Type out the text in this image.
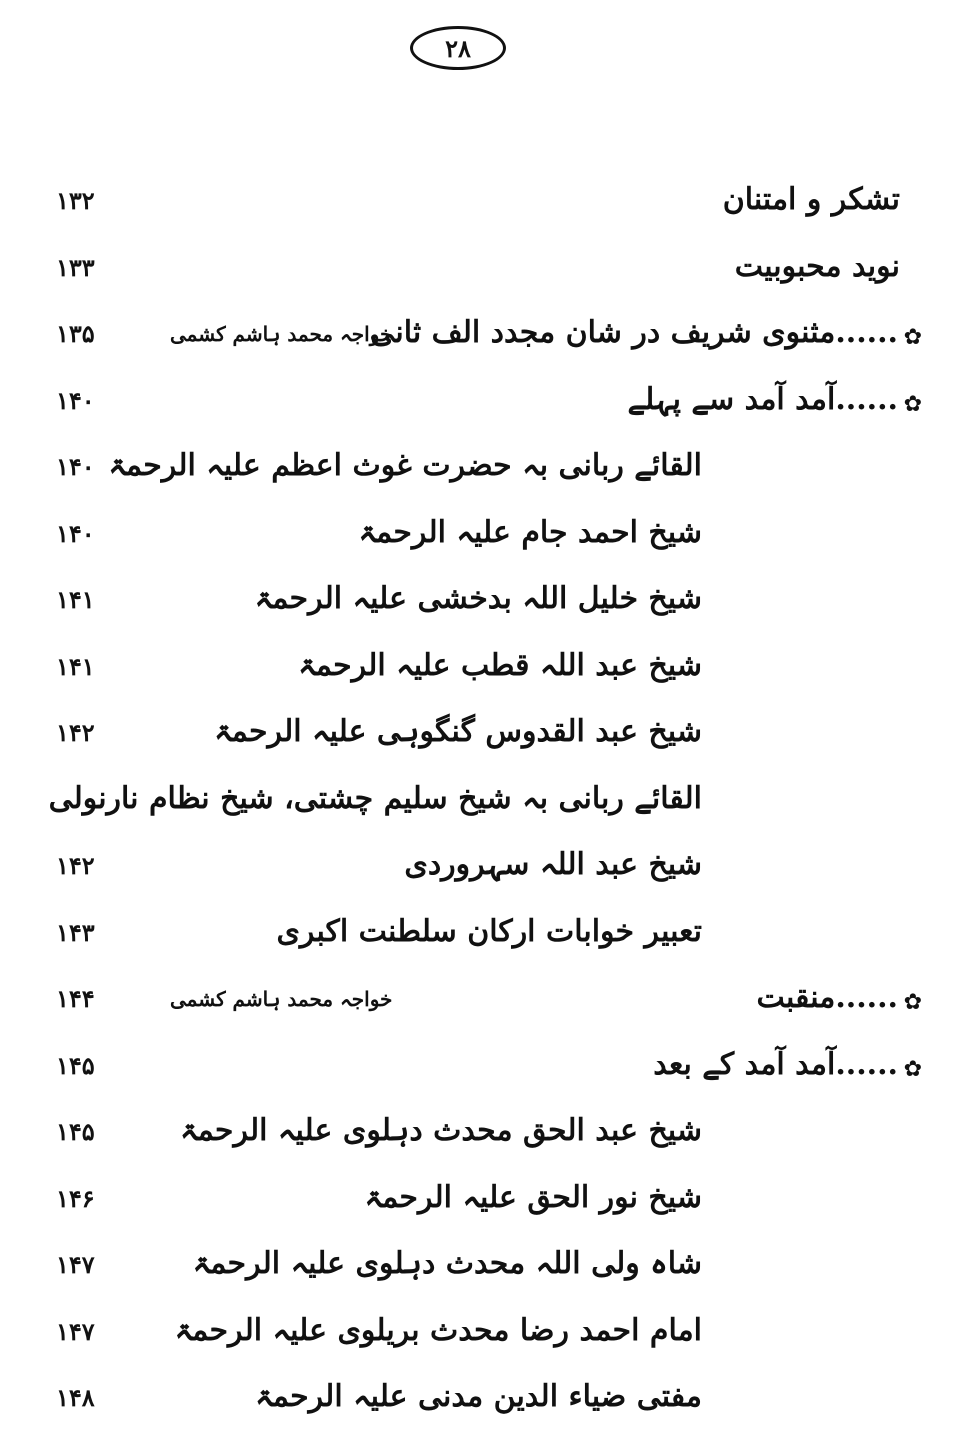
۲۸
تشکر و امتنان
۱۳۲
نوید محبوبیت
۱۳۳
✿
......مثنوی شریف در شان مجدد الف ثانی
خواجہ محمد ہاشم کشمی
۱۳۵
✿
......آمد آمد سے پہلے
۱۴۰
القائے ربانی بہ حضرت غوث اعظم علیہ الرحمۃ
۱۴۰
شیخ احمد جام علیہ الرحمۃ
۱۴۰
شیخ خلیل اللہ بدخشی علیہ الرحمۃ
۱۴۱
شیخ عبد اللہ قطب علیہ الرحمۃ
۱۴۱
شیخ عبد القدوس گنگوہی علیہ الرحمۃ
۱۴۲
القائے ربانی بہ شیخ سلیم چشتی، شیخ نظام نارنولی
شیخ عبد اللہ سہروردی
۱۴۲
تعبیر خوابات ارکان سلطنت اکبری
۱۴۳
✿
......منقبت
خواجہ محمد ہاشم کشمی
۱۴۴
✿
......آمد آمد کے بعد
۱۴۵
شیخ عبد الحق محدث دہلوی علیہ الرحمۃ
۱۴۵
شیخ نور الحق علیہ الرحمۃ
۱۴۶
شاہ ولی اللہ محدث دہلوی علیہ الرحمۃ
۱۴۷
امام احمد رضا محدث بریلوی علیہ الرحمۃ
۱۴۷
مفتی ضیاء الدین مدنی علیہ الرحمۃ
۱۴۸
